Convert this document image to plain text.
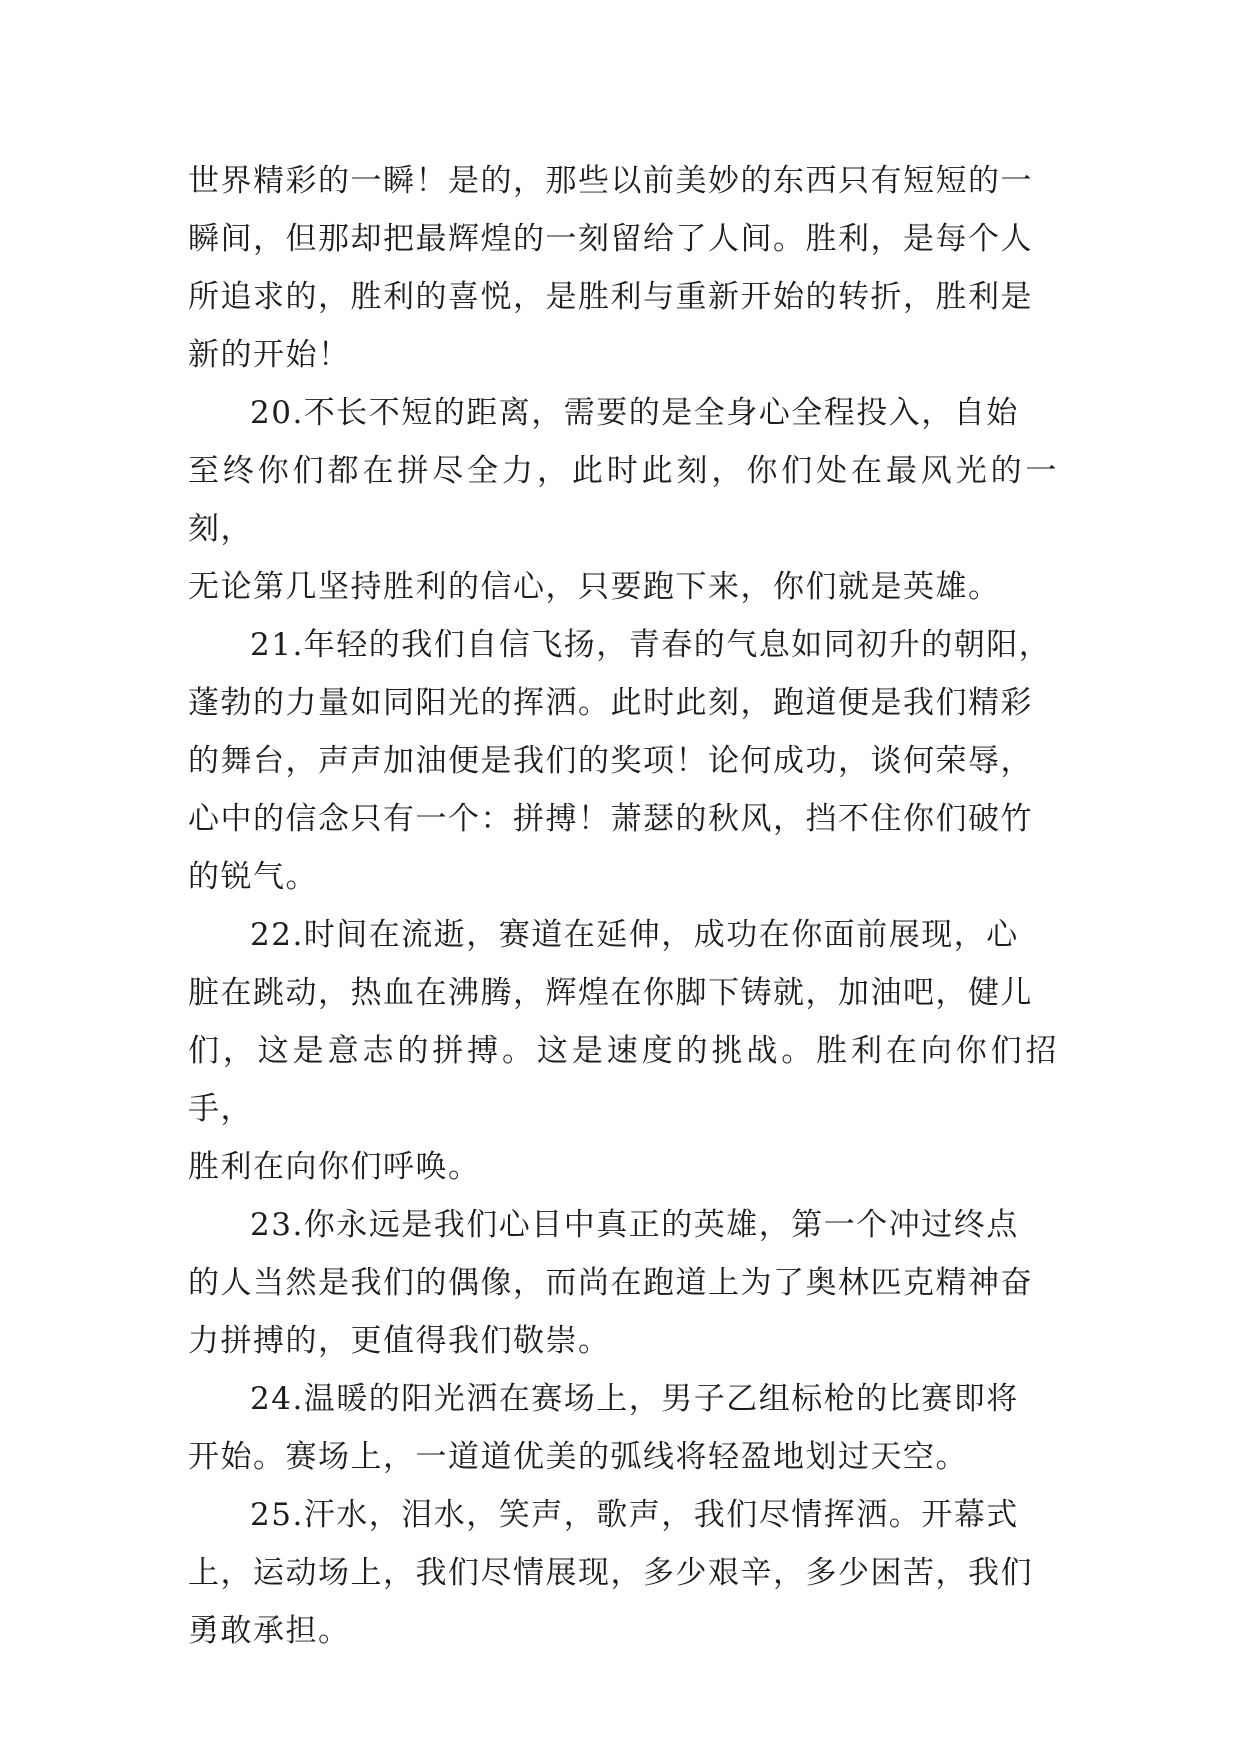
世界精彩的一瞬！是的，那些以前美妙的东西只有短短的一
瞬间，但那却把最辉煌的一刻留给了人间。胜利，是每个人
所追求的，胜利的喜悦，是胜利与重新开始的转折，胜利是
新的开始！

20.不长不短的距离，需要的是全身心全程投入，自始
至终你们都在拼尽全力，此时此刻，你们处在最风光的一刻，
无论第几坚持胜利的信心，只要跑下来，你们就是英雄。

21.年轻的我们自信飞扬，青春的气息如同初升的朝阳，
蓬勃的力量如同阳光的挥洒。此时此刻，跑道便是我们精彩
的舞台，声声加油便是我们的奖项！论何成功，谈何荣辱，
心中的信念只有一个：拼搏！萧瑟的秋风，挡不住你们破竹
的锐气。

22.时间在流逝，赛道在延伸，成功在你面前展现，心
脏在跳动，热血在沸腾，辉煌在你脚下铸就，加油吧，健儿
们，这是意志的拼搏。这是速度的挑战。胜利在向你们招手，
胜利在向你们呼唤。

23.你永远是我们心目中真正的英雄，第一个冲过终点
的人当然是我们的偶像，而尚在跑道上为了奥林匹克精神奋
力拼搏的，更值得我们敬崇。

24.温暖的阳光洒在赛场上，男子乙组标枪的比赛即将
开始。赛场上，一道道优美的弧线将轻盈地划过天空。

25.汗水，泪水，笑声，歌声，我们尽情挥洒。开幕式
上，运动场上，我们尽情展现，多少艰辛，多少困苦，我们
勇敢承担。
